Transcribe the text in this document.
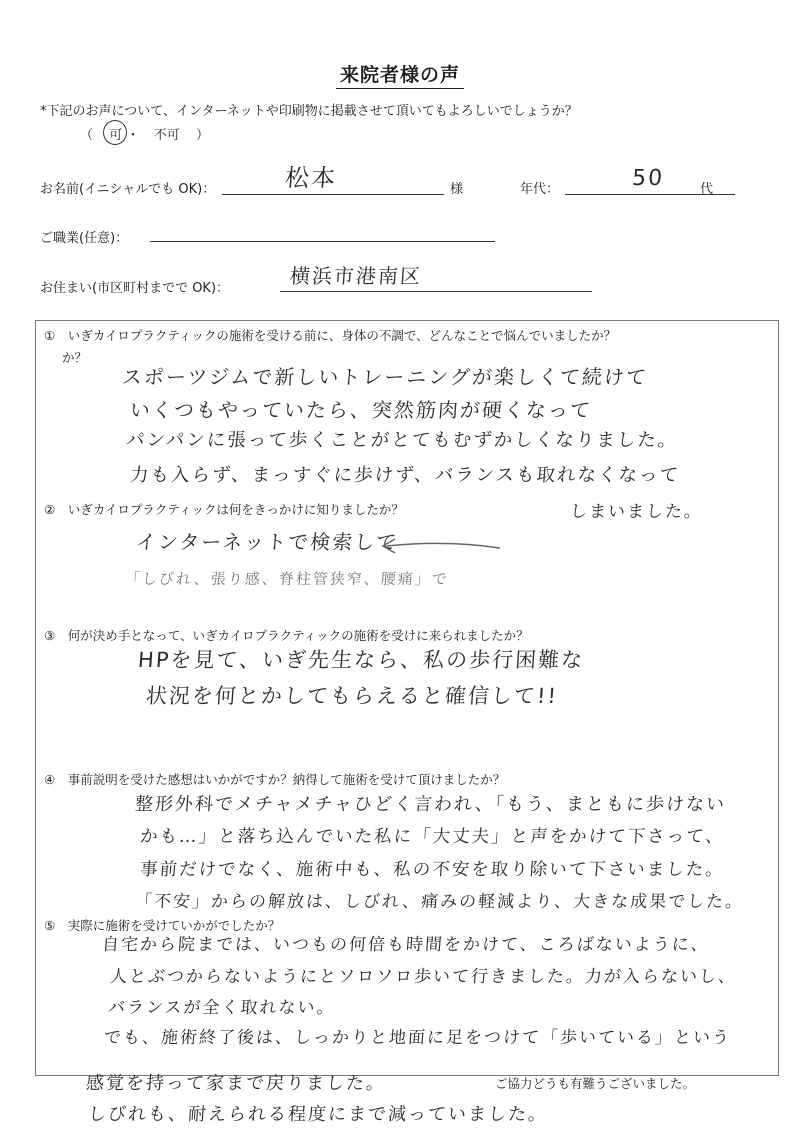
来院者様の声
*下記のお声について、インターネットや印刷物に掲載させて頂いてもよろしいでしょうか？
（ 可 ・ 不可 ）
お名前(イニシャルでも OK)：	松本	様	年代：	50	代
ご職業(任意)：
お住まい(市区町村までで OK)：
横浜市港南区
①　いぎカイロプラクティックの施術を受ける前に、身体の不調で、どんなことで悩んでいましたか？
か？
スポーツジムで新しいトレーニングが楽しくて続けて
いくつもやっていたら、突然筋肉が硬くなって
パンパンに張って歩くことがとてもむずかしくなりました。
力も入らず、まっすぐに歩けず、バランスも取れなくなって
しまいました。
②　いぎカイロプラクティックは何をきっかけに知りましたか？
インターネットで検索して
「しびれ、張り感、脊柱管狭窄、腰痛」で
③　何が決め手となって、いぎカイロプラクティックの施術を受けに来られましたか？
HPを見て、いぎ先生なら、私の歩行困難な
状況を何とかしてもらえると確信して!!
④　事前説明を受けた感想はいかがですか？納得して施術を受けて頂けましたか？
整形外科でメチャメチャひどく言われ、「もう、まともに歩けない
かも…」と落ち込んでいた私に「大丈夫」と声をかけて下さって、
事前だけでなく、施術中も、私の不安を取り除いて下さいました。
「不安」からの解放は、しびれ、痛みの軽減より、大きな成果でした。
⑤　実際に施術を受けていかがでしたか？
自宅から院までは、いつもの何倍も時間をかけて、ころばないように、
人とぶつからないようにとソロソロ歩いて行きました。力が入らないし、
バランスが全く取れない。
でも、施術終了後は、しっかりと地面に足をつけて「歩いている」という
感覚を持って家まで戻りました。	ご協力どうも有難うございました。
しびれも、耐えられる程度にまで減っていました。
